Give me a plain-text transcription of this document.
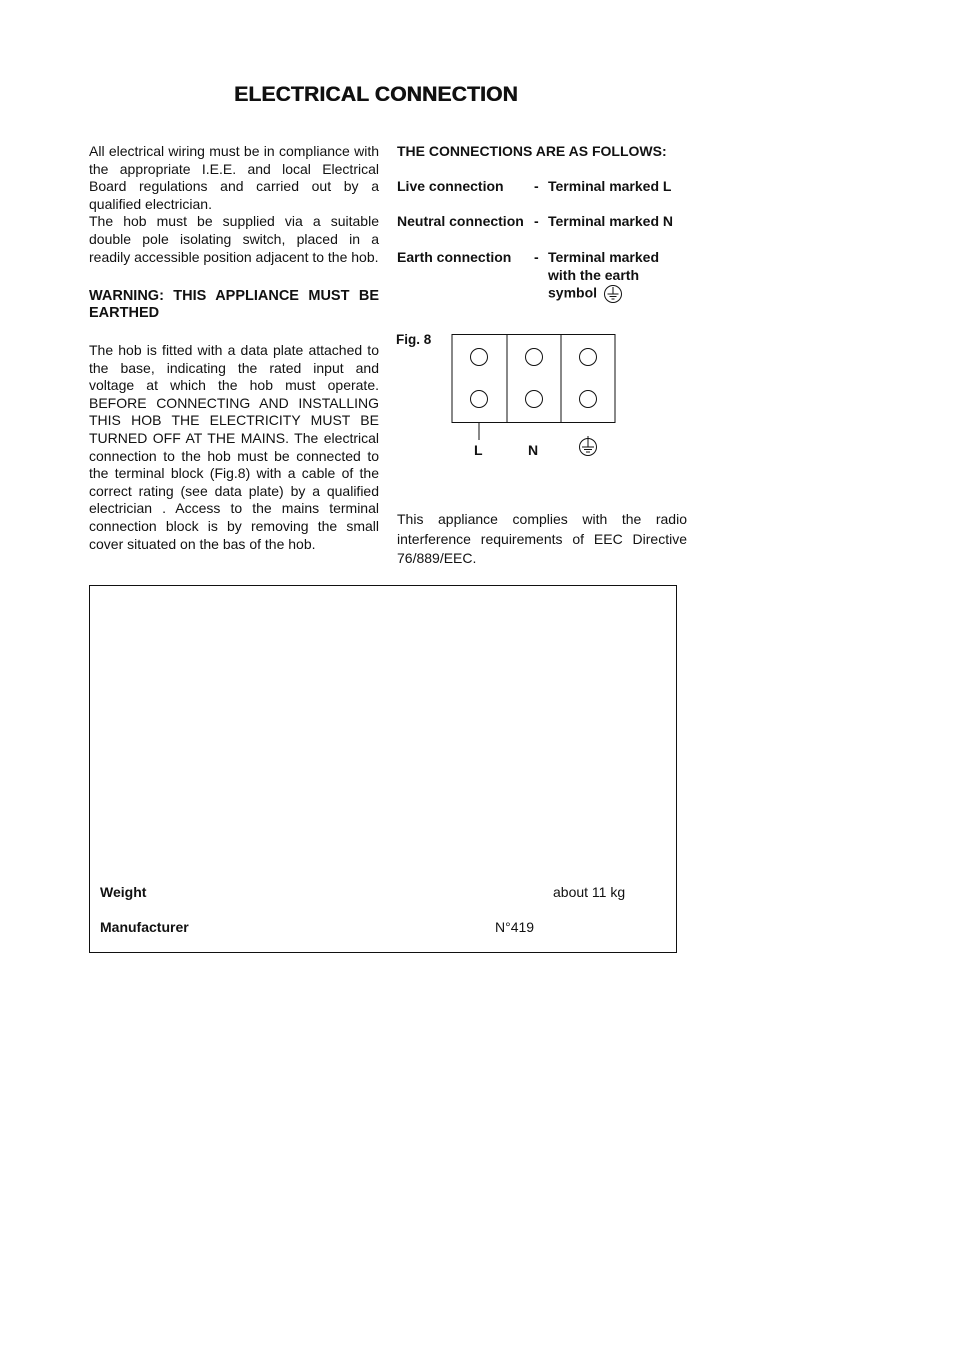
ELECTRICAL CONNECTION
All electrical wiring must be in compliance with the appropriate I.E.E. and local Electrical Board regulations and carried out by a qualified electrician.
The hob must be supplied via a suitable double pole isolating switch, placed in a readily accessible position adjacent to the hob.
WARNING: THIS APPLIANCE MUST BE EARTHED
The hob is fitted with a data plate attached to the base, indicating the rated input and voltage at which the hob must operate. BEFORE CONNECTING AND INSTALLING THIS HOB THE ELECTRICITY MUST BE TURNED OFF AT THE MAINS. The electrical connection to the hob must be connected to the terminal block (Fig.8) with a cable of the correct rating (see data plate) by a qualified electrician . Access to the mains terminal connection block is by removing the small cover situated on the bas of the hob.
THE CONNECTIONS ARE AS FOLLOWS:
Live connection - Terminal marked L
Neutral connection - Terminal marked N
Earth connection - Terminal marked with the earth symbol
Fig. 8
L	N
This appliance complies with the radio interference requirements of EEC Directive 76/889/EEC.
Weight	about 11 kg
Manufacturer	N°419
